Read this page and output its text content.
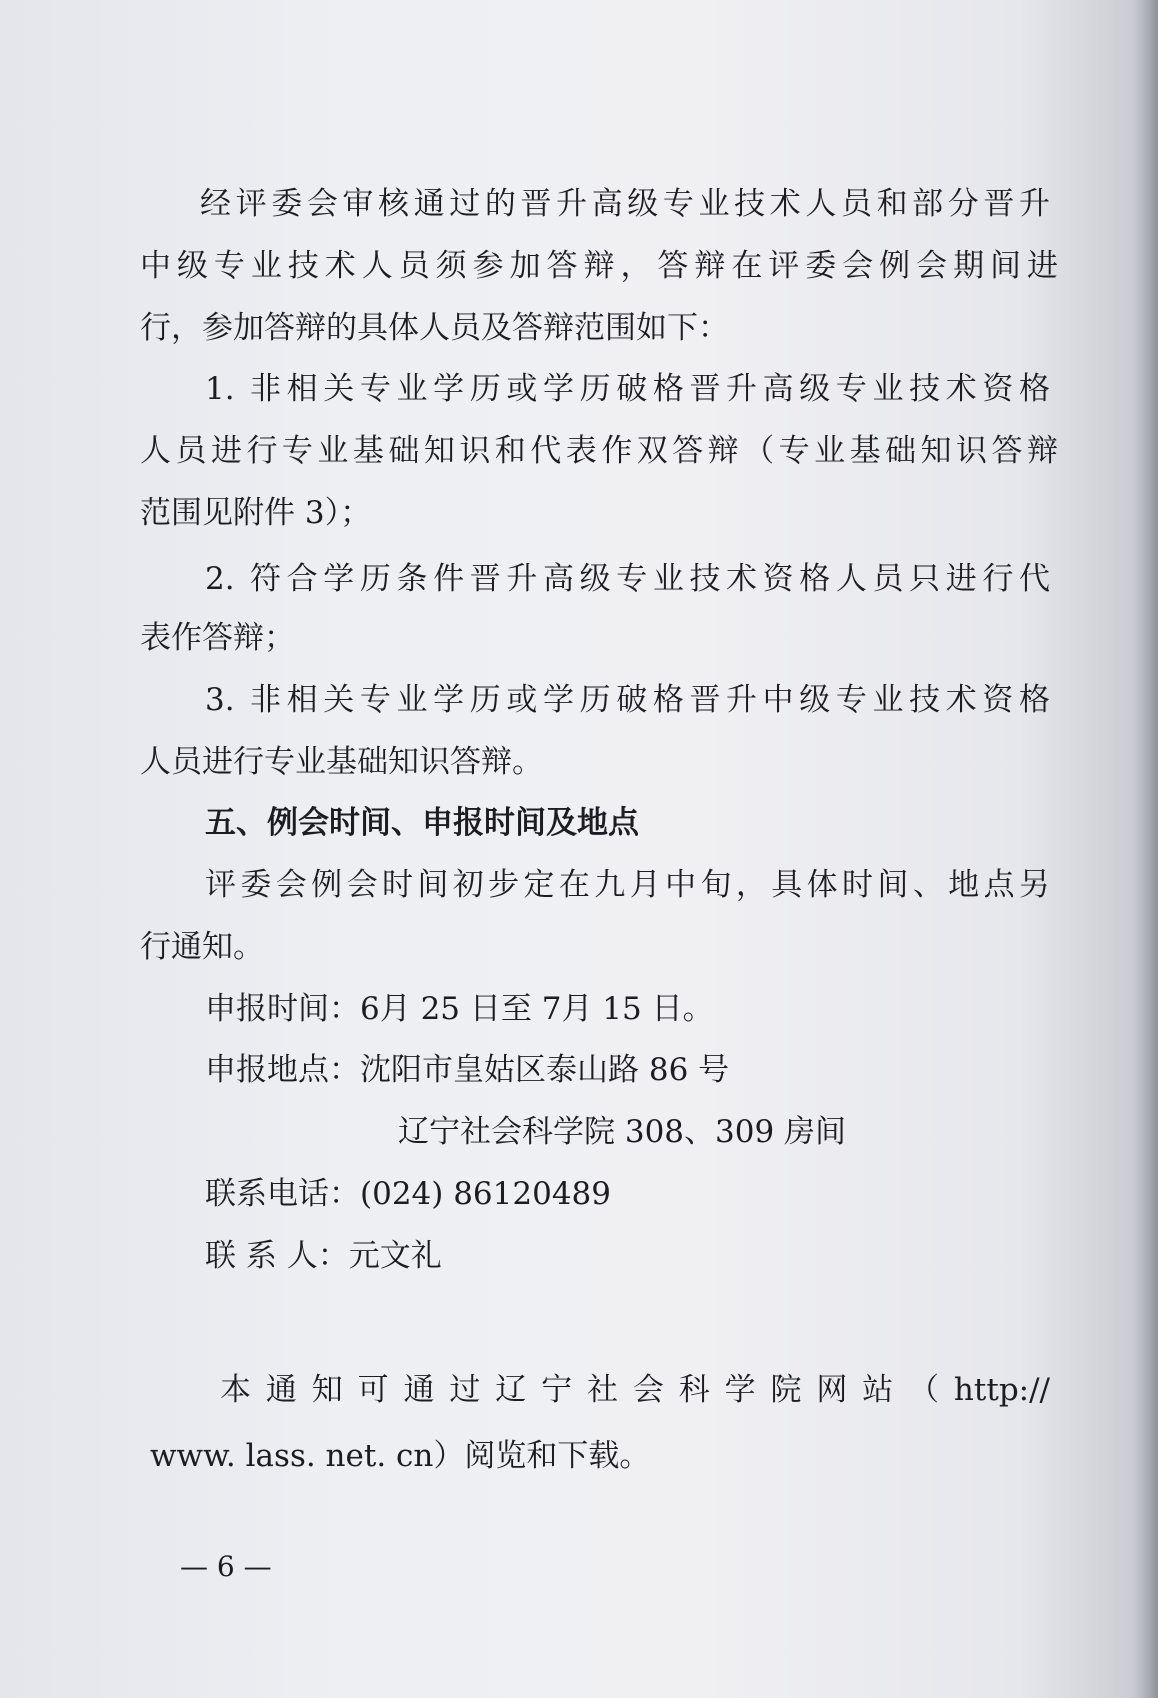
经评委会审核通过的晋升高级专业技术人员和部分晋升
中级专业技术人员须参加答辩，答辩在评委会例会期间进
行，参加答辩的具体人员及答辩范围如下：
1. 非相关专业学历或学历破格晋升高级专业技术资格
人员进行专业基础知识和代表作双答辩（专业基础知识答辩
范围见附件 3）；
2. 符合学历条件晋升高级专业技术资格人员只进行代
表作答辩；
3. 非相关专业学历或学历破格晋升中级专业技术资格
人员进行专业基础知识答辩。
五、例会时间、申报时间及地点
评委会例会时间初步定在九月中旬，具体时间、地点另
行通知。
申报时间：6月 25 日至 7月 15 日。
申报地点：沈阳市皇姑区泰山路 86 号
辽宁社会科学院 308、309 房间
联系电话：(024) 86120489
联 系 人：元文礼
本通知可通过辽宁社会科学院网站（http://
www. lass. net. cn）阅览和下载。
— 6 —
